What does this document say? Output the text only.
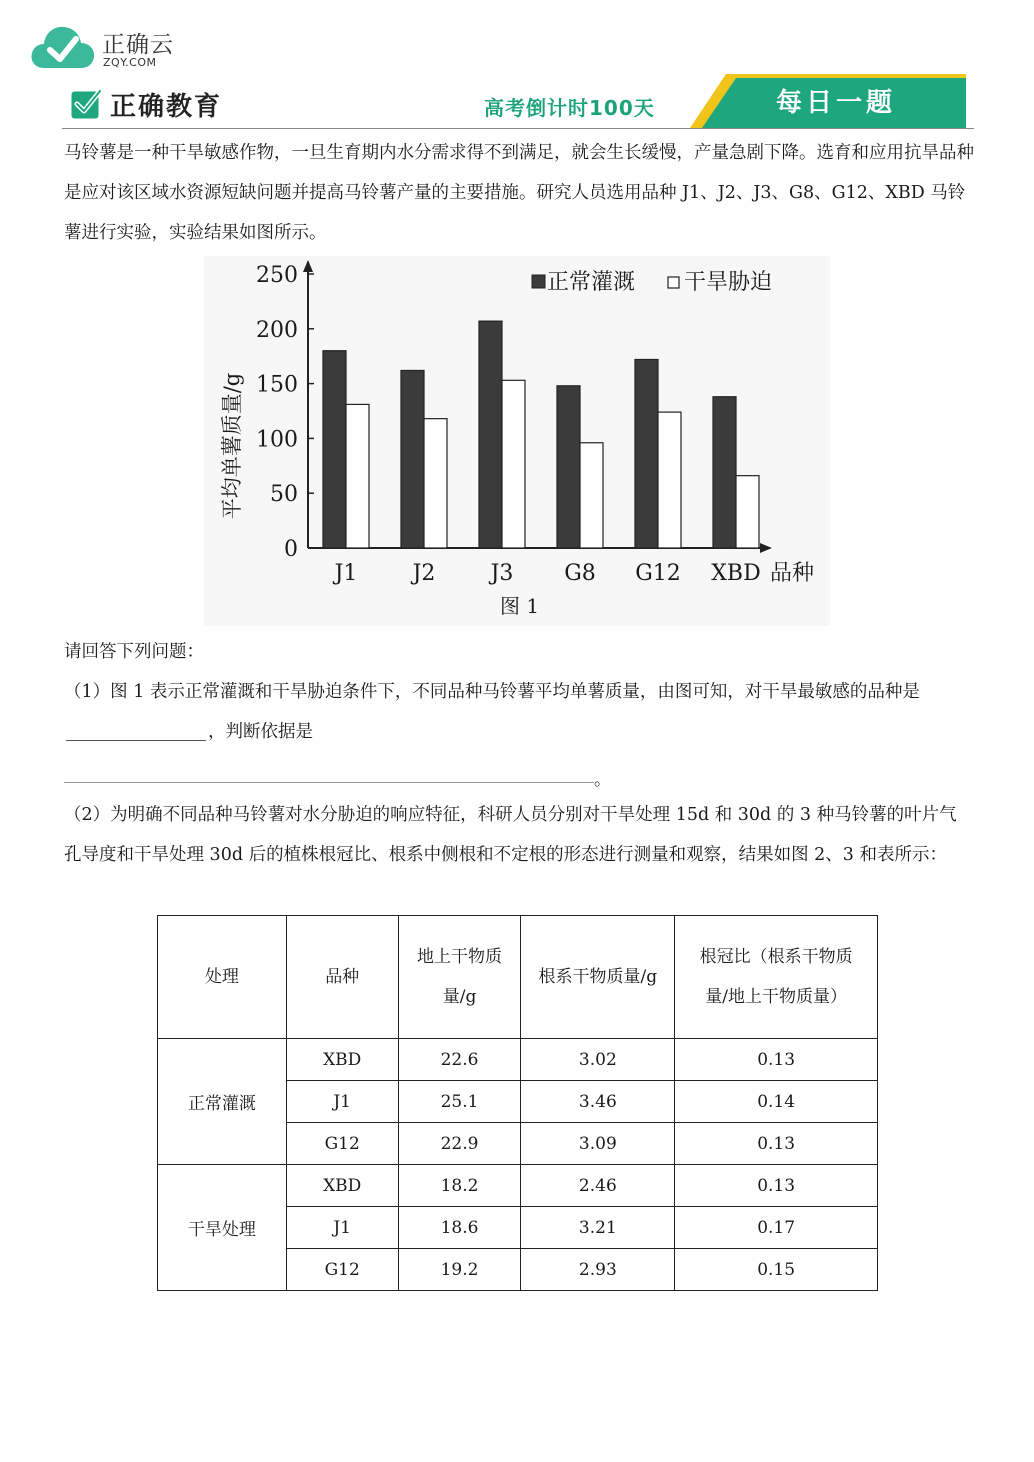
正确云
ZQY.COM
正确教育	高考倒计时100天	每日一题
马铃薯是一种干旱敏感作物，一旦生育期内水分需求得不到满足，就会生长缓慢，产量急剧下降。选育和应用抗旱品种是应对该区域水资源短缺问题并提高马铃薯产量的主要措施。研究人员选用品种 J1、J2、J3、G8、G12、XBD 马铃薯进行实验，实验结果如图所示。
0
50
100
150
200
250
J1	J2	J3 G8 G12 XBD 品种
正常灌溉 干旱胁迫
平均单薯质量/g
图 1
请回答下列问题：
（1）图 1 表示正常灌溉和干旱胁迫条件下，不同品种马铃薯平均单薯质量，由图可知，对干旱最敏感的品种是，判断依据是
。
（2）为明确不同品种马铃薯对水分胁迫的响应特征，科研人员分别对干旱处理 15d 和 30d 的 3 种马铃薯的叶片气孔导度和干旱处理 30d 后的植株根冠比、根系中侧根和不定根的形态进行测量和观察，结果如图 2、3 和表所示：
处理	品种	地上干物质量/g	根系干物质量/g	根冠比（根系干物质量/地上干物质量）
正常灌溉	XBD	22.6	3.02	0.13
	J1	25.1	3.46	0.14
	G12	22.9	3.09	0.13
干旱处理	XBD	18.2	2.46	0.13
	J1	18.6	3.21	0.17
	G12	19.2	2.93	0.15
